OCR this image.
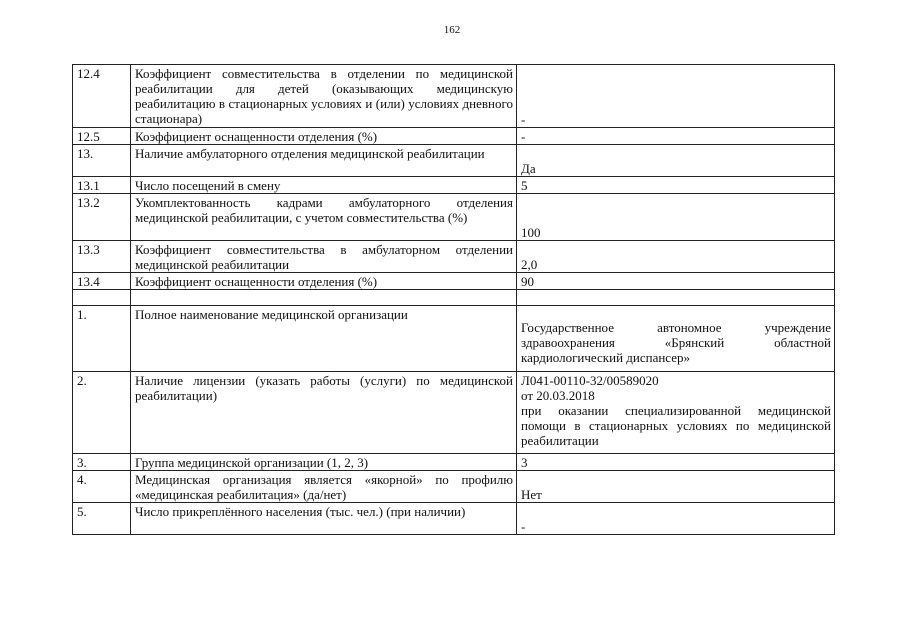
162
12.4	Коэффициент совместительства в отделении по медицинской реабилитации для детей (оказывающих медицинскую реабилитацию в стационарных условиях и (или) условиях дневного стационара)	-
12.5	Коэффициент оснащенности отделения (%)	-
13.	Наличие амбулаторного отделения медицинской реабилитации	Да
13.1	Число посещений в смену	5
13.2	Укомплектованность кадрами амбулаторного отделения медицинской реабилитации, с учетом совместительства (%)	100
13.3	Коэффициент совместительства в амбулаторном отделении медицинской реабилитации	2,0
13.4	Коэффициент оснащенности отделения (%)	90

1.	Полное наименование медицинской организации	Государственное автономное учреждение здравоохранения «Брянский областной кардиологический диспансер»
2.	Наличие лицензии (указать работы (услуги) по медицинской реабилитации)	Л041-00110-32/00589020
от 20.03.2018
при оказании специализированной медицинской помощи в стационарных условиях по медицинской реабилитации

3.	Группа медицинской организации (1, 2, 3)	3
4.	Медицинская организация является «якорной» по профилю «медицинская реабилитация» (да/нет)	Нет
5.	Число прикреплённого населения (тыс. чел.) (при наличии)	-
